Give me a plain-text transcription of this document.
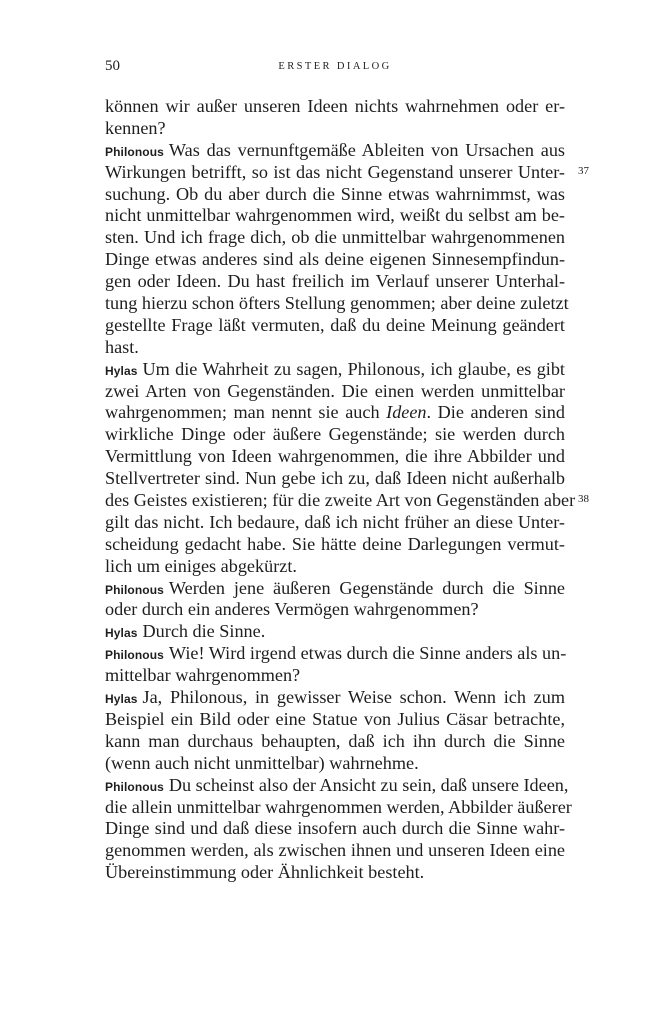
50	ERSTER DIALOG
können wir außer unseren Ideen nichts wahrnehmen oder er-
kennen?
Philonous Was das vernunftgemäße Ableiten von Ursachen aus
Wirkungen betrifft, so ist das nicht Gegenstand unserer Unter-
suchung. Ob du aber durch die Sinne etwas wahrnimmst, was
nicht unmittelbar wahrgenommen wird, weißt du selbst am be-
sten. Und ich frage dich, ob die unmittelbar wahrgenommenen
Dinge etwas anderes sind als deine eigenen Sinnesempfindun-
gen oder Ideen. Du hast freilich im Verlauf unserer Unterhal-
tung hierzu schon öfters Stellung genommen; aber deine zuletzt
gestellte Frage läßt vermuten, daß du deine Meinung geändert
hast.
Hylas Um die Wahrheit zu sagen, Philonous, ich glaube, es gibt
zwei Arten von Gegenständen. Die einen werden unmittelbar
wahrgenommen; man nennt sie auch Ideen. Die anderen sind
wirkliche Dinge oder äußere Gegenstände; sie werden durch
Vermittlung von Ideen wahrgenommen, die ihre Abbilder und
Stellvertreter sind. Nun gebe ich zu, daß Ideen nicht außerhalb
des Geistes existieren; für die zweite Art von Gegenständen aber
gilt das nicht. Ich bedaure, daß ich nicht früher an diese Unter-
scheidung gedacht habe. Sie hätte deine Darlegungen vermut-
lich um einiges abgekürzt.
Philonous Werden jene äußeren Gegenstände durch die Sinne
oder durch ein anderes Vermögen wahrgenommen?
Hylas Durch die Sinne.
Philonous Wie! Wird irgend etwas durch die Sinne anders als un-
mittelbar wahrgenommen?
Hylas Ja, Philonous, in gewisser Weise schon. Wenn ich zum
Beispiel ein Bild oder eine Statue von Julius Cäsar betrachte,
kann man durchaus behaupten, daß ich ihn durch die Sinne
(wenn auch nicht unmittelbar) wahrnehme.
Philonous Du scheinst also der Ansicht zu sein, daß unsere Ideen,
die allein unmittelbar wahrgenommen werden, Abbilder äußerer
Dinge sind und daß diese insofern auch durch die Sinne wahr-
genommen werden, als zwischen ihnen und unseren Ideen eine
Übereinstimmung oder Ähnlichkeit besteht.
37
38
